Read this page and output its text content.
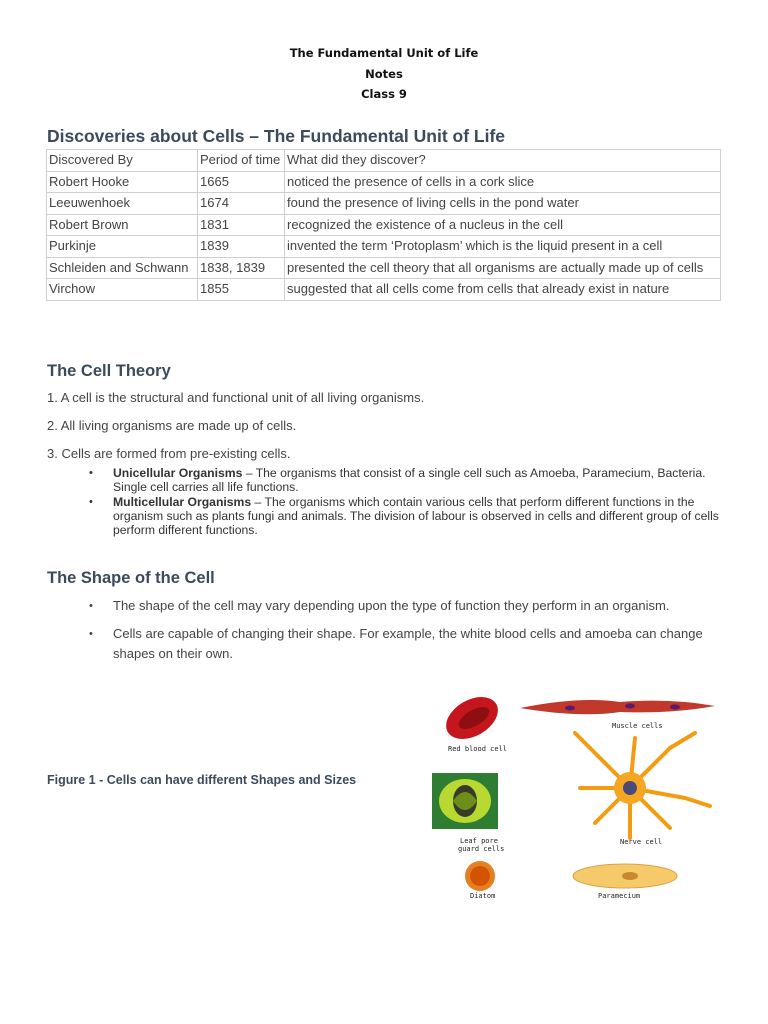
The Fundamental Unit of Life
Notes
Class 9
Discoveries about Cells – The Fundamental Unit of Life
Discovered By	Period of time	What did they discover?
Robert Hooke	1665	noticed the presence of cells in a cork slice
Leeuwenhoek	1674	found the presence of living cells in the pond water
Robert Brown	1831	recognized the existence of a nucleus in the cell
Purkinje	1839	invented the term ‘Protoplasm’ which is the liquid present in a cell
Schleiden and Schwann	1838, 1839	presented the cell theory that all organisms are actually made up of cells
Virchow	1855	suggested that all cells come from cells that already exist in nature
The Cell Theory
1. A cell is the structural and functional unit of all living organisms.
2. All living organisms are made up of cells.
3. Cells are formed from pre-existing cells.
• Unicellular Organisms – The organisms that consist of a single cell such as Amoeba, Paramecium, Bacteria. Single cell carries all life functions.
• Multicellular Organisms – The organisms which contain various cells that perform different functions in the organism such as plants fungi and animals. The division of labour is observed in cells and different group of cells perform different functions.
The Shape of the Cell
• The shape of the cell may vary depending upon the type of function they perform in an organism.
• Cells are capable of changing their shape. For example, the white blood cells and amoeba can change shapes on their own.
Figure 1 - Cells can have different Shapes and Sizes
Red blood cell
Muscle cells
Leaf pore
guard cells
Nerve cell
Diatom	Paramecium
